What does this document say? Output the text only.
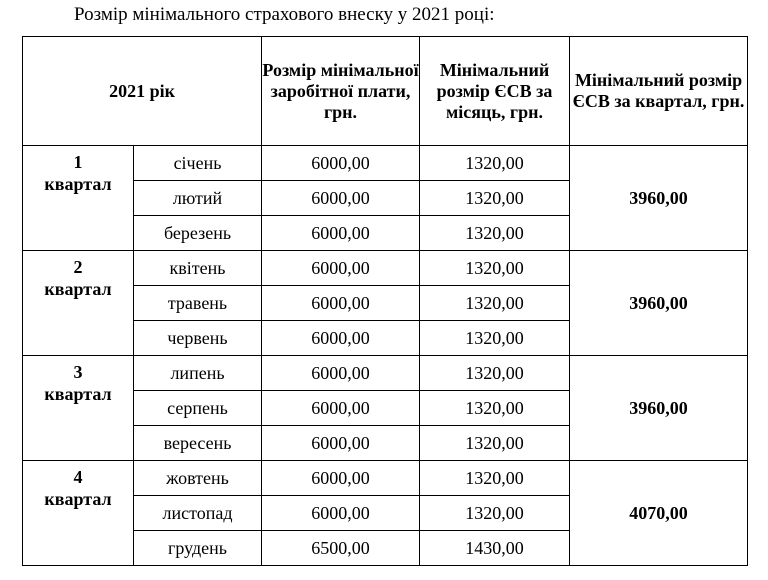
Розмір мінімального страхового внеску у 2021 році:
2021 рік		Розмір мінімальної заробітної плати, грн.	Мінімальний розмір ЄСВ за місяць, грн.	Мінімальний розмір ЄСВ за квартал, грн.

1
квартал	січень	6000,00	1320,00	3960,00
	лютий	6000,00	1320,00	
	березень	6000,00	1320,00	

2
квартал	квітень	6000,00	1320,00	3960,00
	травень	6000,00	1320,00	
	червень	6000,00	1320,00	

3
квартал	липень	6000,00	1320,00	3960,00
	серпень	6000,00	1320,00	
	вересень	6000,00	1320,00	

4
квартал	жовтень	6000,00	1320,00	4070,00
	листопад	6000,00	1320,00	
	грудень	6500,00	1430,00	
